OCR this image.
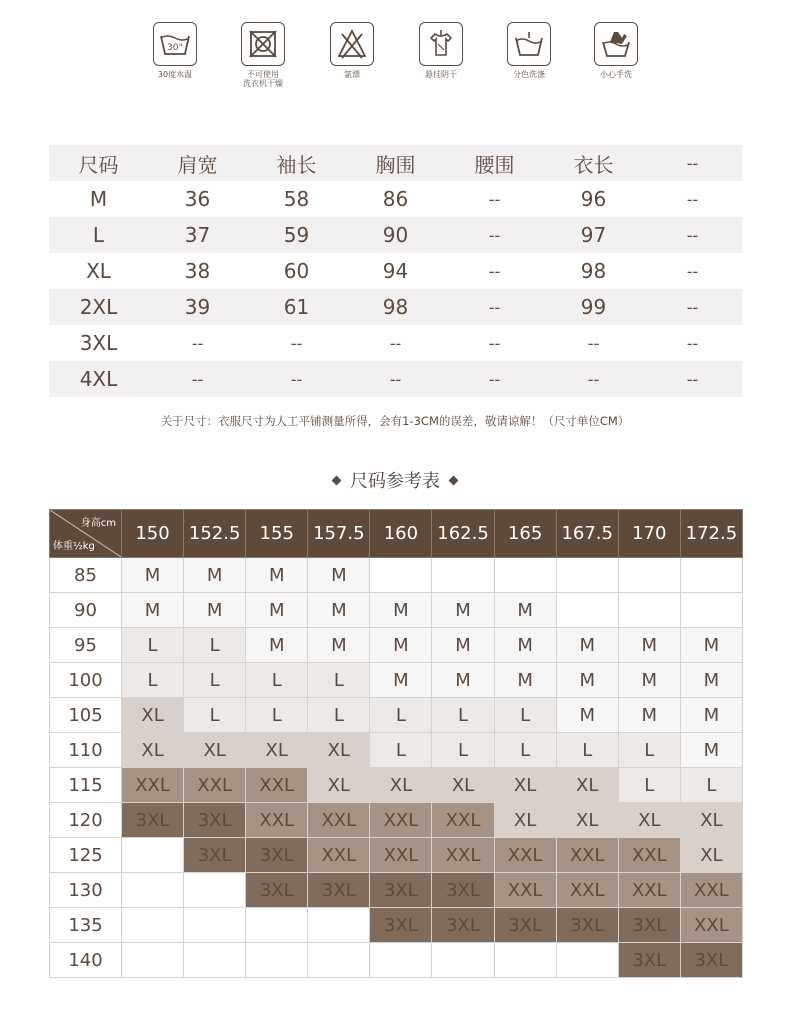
30°
30度水温	不可使用
洗衣机干燥
氯漂	悬挂阴干	分色洗涤	小心手洗
尺码	肩宽	袖长	胸围	腰围	衣长	--
M	36	58	86	--	96	--
L	37	59	90	--	97	--
XL	38	60	94	--	98	--
2XL	39	61	98	--	99	--
3XL	--	--	--	--	--	--
4XL	--	--	--	--	--	--
关于尺寸：衣服尺寸为人工平铺测量所得，会有1-3CM的误差，敬请谅解！（尺寸单位CM）
尺码参考表
身高cm
体重½kg	150	152.5	155	157.5	160	162.5	165	167.5	170	172.5
85	M	M	M	M						
90	M	M	M	M	M	M	M			
95	L	L	M	M	M	M	M	M	M	M
100	L	L	L	L	M	M	M	M	M	M
105	XL	L	L	L	L	L	L	M	M	M
110	XL	XL	XL	XL	L	L	L	L	L	M
115	XXL	XXL	XXL	XL	XL	XL	XL	XL	L	L
120	3XL	3XL	XXL	XXL	XXL	XXL	XL	XL	XL	XL
125		3XL	3XL	XXL	XXL	XXL	XXL	XXL	XXL	XL
130			3XL	3XL	3XL	3XL	XXL	XXL	XXL	XXL
135					3XL	3XL	3XL	3XL	3XL	XXL
140									3XL	3XL
